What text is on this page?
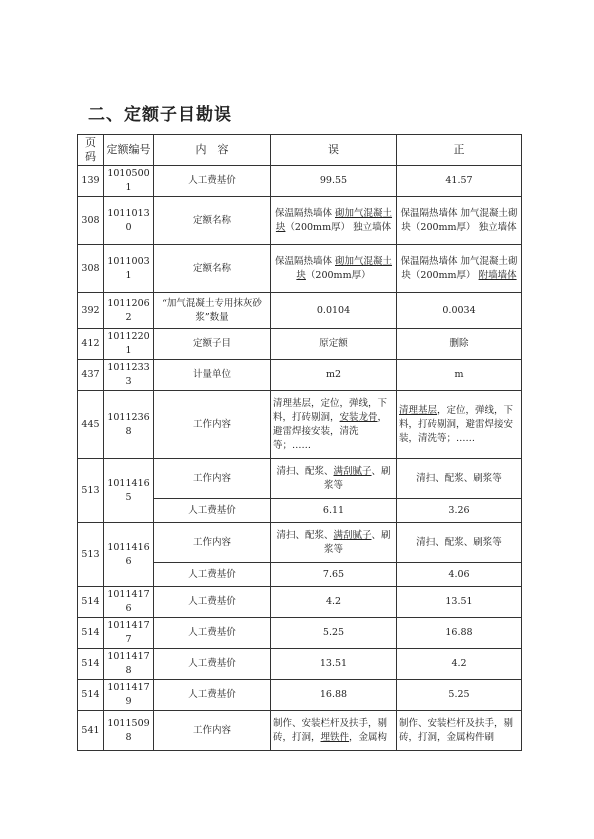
二、定额子目勘误
页码	定额编号	内　容	误	正
139	10105001	人工费基价	99.55	41.57
308	10110130	定额名称	保温隔热墙体 砌加气混凝土块（200mm厚） 独立墙体	保温隔热墙体 加气混凝土砌块（200mm厚） 独立墙体
308	10110031	定额名称	保温隔热墙体 砌加气混凝土块（200mm厚）	保温隔热墙体 加气混凝土砌块（200mm厚） 附墙墙体
392	10112062	“加气混凝土专用抹灰砂浆”数量	0.0104	0.0034
412	10112201	定额子目	原定额	删除
437	10112333	计量单位	m2	m
445	10112368	工作内容	清理基层，定位，弹线，下料，打砖剔洞，安装龙骨，避雷焊接安装，清洗等；……	清理基层，定位，弹线，下料，打砖剔洞，避雷焊接安装，清洗等；……
513	10114165	工作内容	清扫、配浆、满刮腻子、刷浆等	清扫、配浆、刷浆等
		人工费基价	6.11	3.26
513	10114166	工作内容	清扫、配浆、满刮腻子、刷浆等	清扫、配浆、刷浆等
		人工费基价	7.65	4.06
514	10114176	人工费基价	4.2	13.51
514	10114177	人工费基价	5.25	16.88
514	10114178	人工费基价	13.51	4.2
514	10114179	人工费基价	16.88	5.25
541	10115098	工作内容	制作、安装栏杆及扶手，剔砖，打洞，埋铁件，金属构	制作、安装栏杆及扶手，剔砖，打洞，金属构件刷
